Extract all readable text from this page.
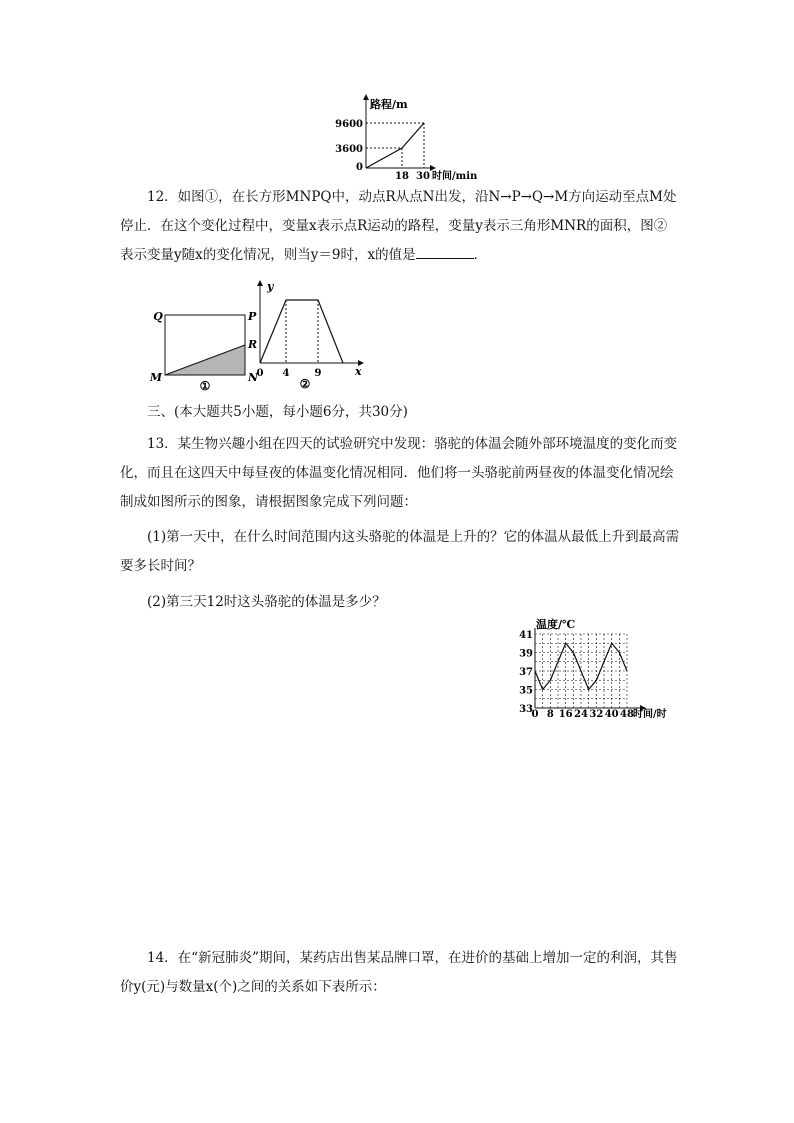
路程/m
9600
3600
0
18 30 时间/min
12．如图①，在长方形MNPQ中，动点R从点N出发，沿N→P→Q→M方向运动至点M处停止．在这个变化过程中，变量x表示点R运动的路程，变量y表示三角形MNR的面积，图②表示变量y随x的变化情况，则当y＝9时，x的值是	．
Q	P
R
M	N
①
y
x
0 4	9
②
三、(本大题共5小题，每小题6分，共30分)
13．某生物兴趣小组在四天的试验研究中发现：骆驼的体温会随外部环境温度的变化而变化，而且在这四天中每昼夜的体温变化情况相同．他们将一头骆驼前两昼夜的体温变化情况绘制成如图所示的图象，请根据图象完成下列问题：
(1)第一天中，在什么时间范围内这头骆驼的体温是上升的？它的体温从最低上升到最高需要多长时间？
(2)第三天12时这头骆驼的体温是多少？
温度/℃
时间/时
41
39
37
35
33
0 8 16 24 32 40 48
14．在“新冠肺炎”期间，某药店出售某品牌口罩，在进价的基础上增加一定的利润，其售价y(元)与数量x(个)之间的关系如下表所示：
